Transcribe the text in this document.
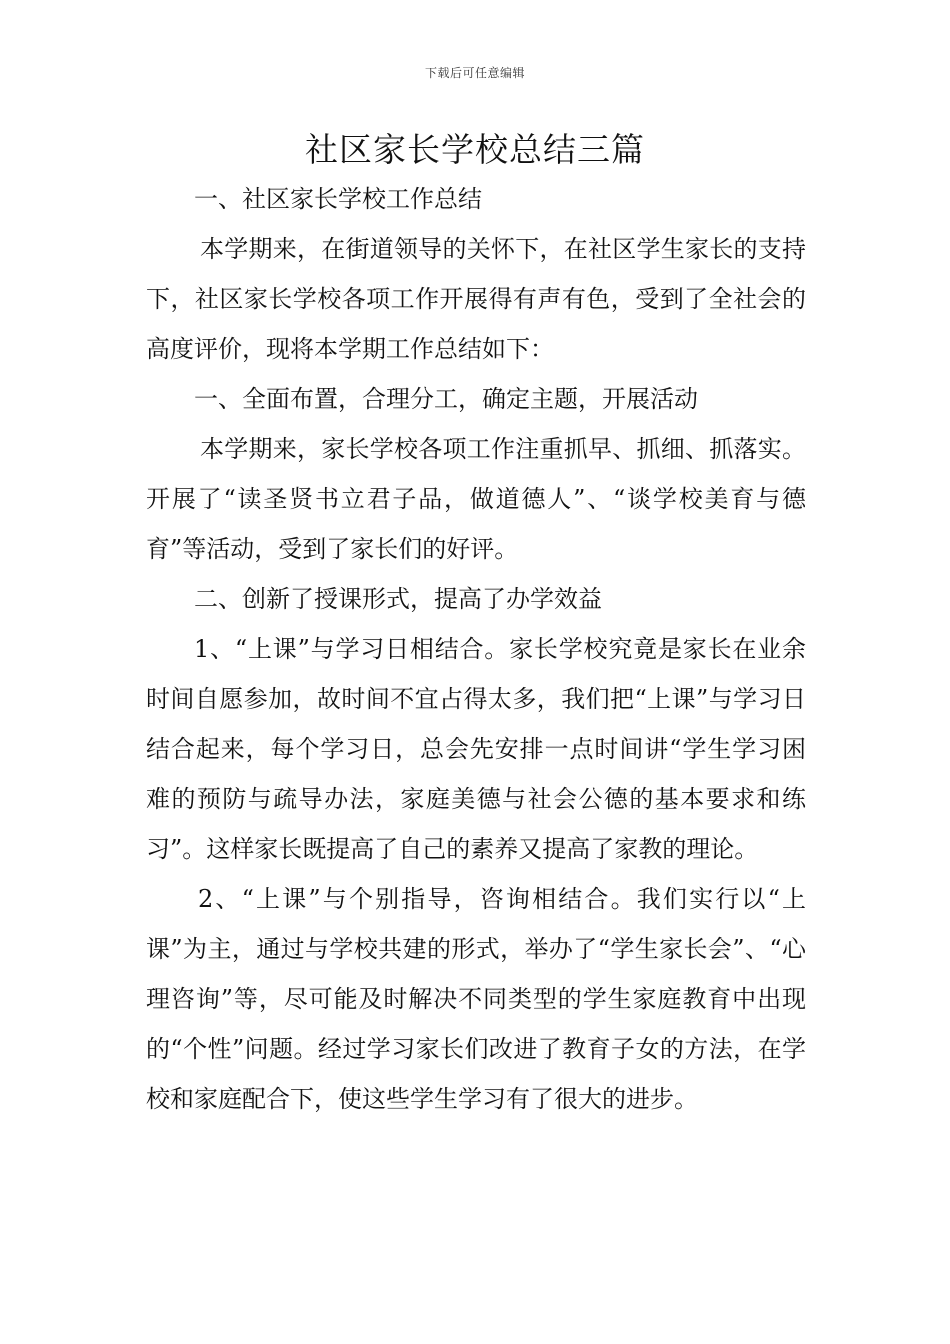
下载后可任意编辑
社区家长学校总结三篇

一、社区家长学校工作总结

本学期来，在街道领导的关怀下，在社区学生家长的支持下，社区家长学校各项工作开展得有声有色，受到了全社会的高度评价，现将本学期工作总结如下：

一、全面布置，合理分工，确定主题，开展活动

本学期来，家长学校各项工作注重抓早、抓细、抓落实。开展了“读圣贤书立君子品，做道德人”、“谈学校美育与德育”等活动，受到了家长们的好评。

二、创新了授课形式，提高了办学效益

1、“上课”与学习日相结合。家长学校究竟是家长在业余时间自愿参加，故时间不宜占得太多，我们把“上课”与学习日结合起来，每个学习日，总会先安排一点时间讲“学生学习困难的预防与疏导办法，家庭美德与社会公德的基本要求和练习”。这样家长既提高了自己的素养又提高了家教的理论。

2、“上课”与个别指导，咨询相结合。我们实行以“上课”为主，通过与学校共建的形式，举办了“学生家长会”、“心理咨询”等，尽可能及时解决不同类型的学生家庭教育中出现的“个性”问题。经过学习家长们改进了教育子女的方法，在学校和家庭配合下，使这些学生学习有了很大的进步。
